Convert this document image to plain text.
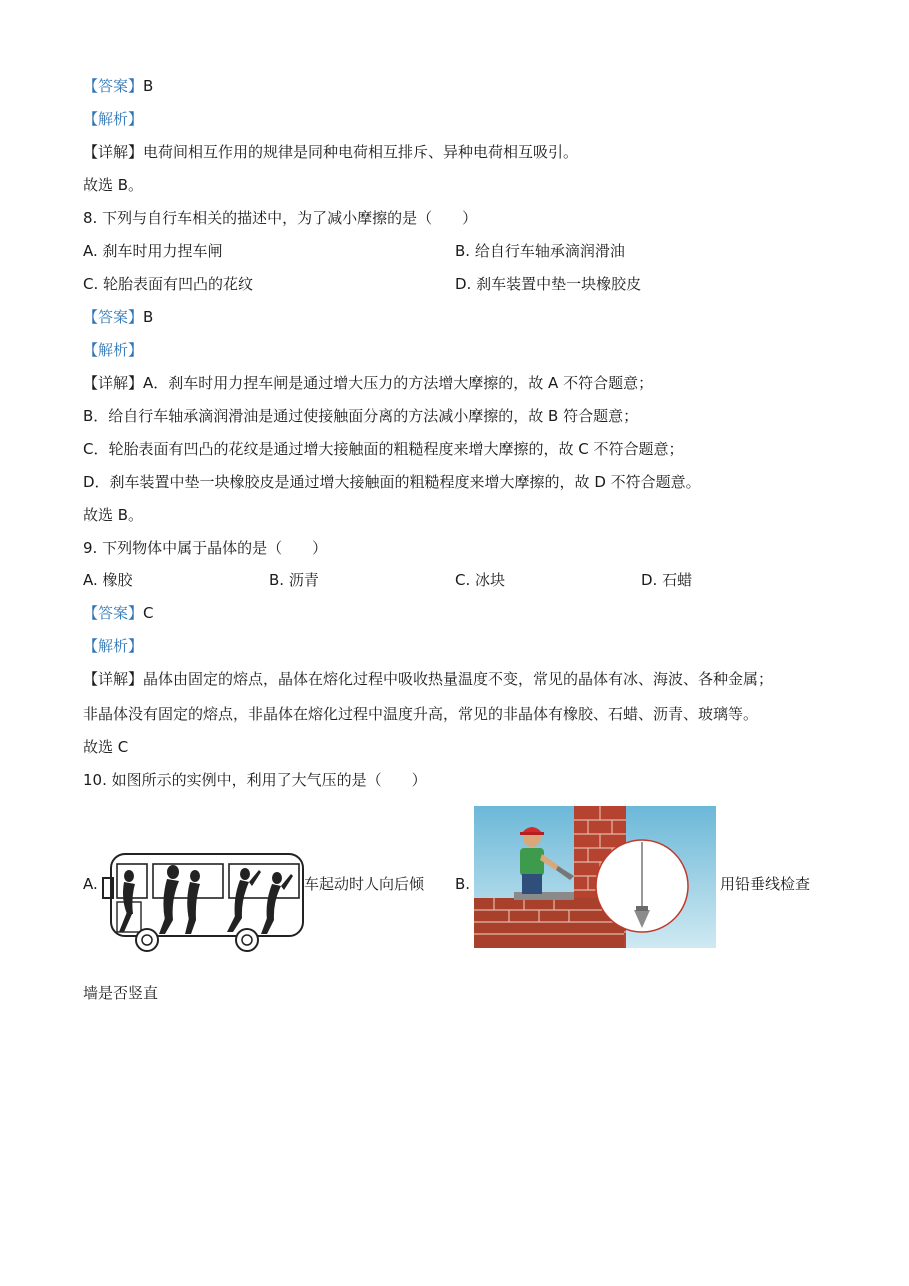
【答案】B
【解析】
【详解】电荷间相互作用的规律是同种电荷相互排斥、异种电荷相互吸引。
故选 B。
8. 下列与自行车相关的描述中，为了减小摩擦的是（　　）
A. 刹车时用力捏车闸	B. 给自行车轴承滴润滑油
C. 轮胎表面有凹凸的花纹	D. 刹车装置中垫一块橡胶皮
【答案】B
【解析】
【详解】A．刹车时用力捏车闸是通过增大压力的方法增大摩擦的，故 A 不符合题意；
B．给自行车轴承滴润滑油是通过使接触面分离的方法减小摩擦的，故 B 符合题意；
C．轮胎表面有凹凸的花纹是通过增大接触面的粗糙程度来增大摩擦的，故 C 不符合题意；
D．刹车装置中垫一块橡胶皮是通过增大接触面的粗糙程度来增大摩擦的，故 D 不符合题意。
故选 B。
9. 下列物体中属于晶体的是（　　）
A. 橡胶	B. 沥青	C. 冰块	D. 石蜡
【答案】C
【解析】
【详解】晶体由固定的熔点，晶体在熔化过程中吸收热量温度不变，常见的晶体有冰、海波、各种金属；
非晶体没有固定的熔点，非晶体在熔化过程中温度升高，常见的非晶体有橡胶、石蜡、沥青、玻璃等。
故选 C
10. 如图所示的实例中，利用了大气压的是（　　）
A.	车起动时人向后倾 B.	用铅垂线检查
墙是否竖直
